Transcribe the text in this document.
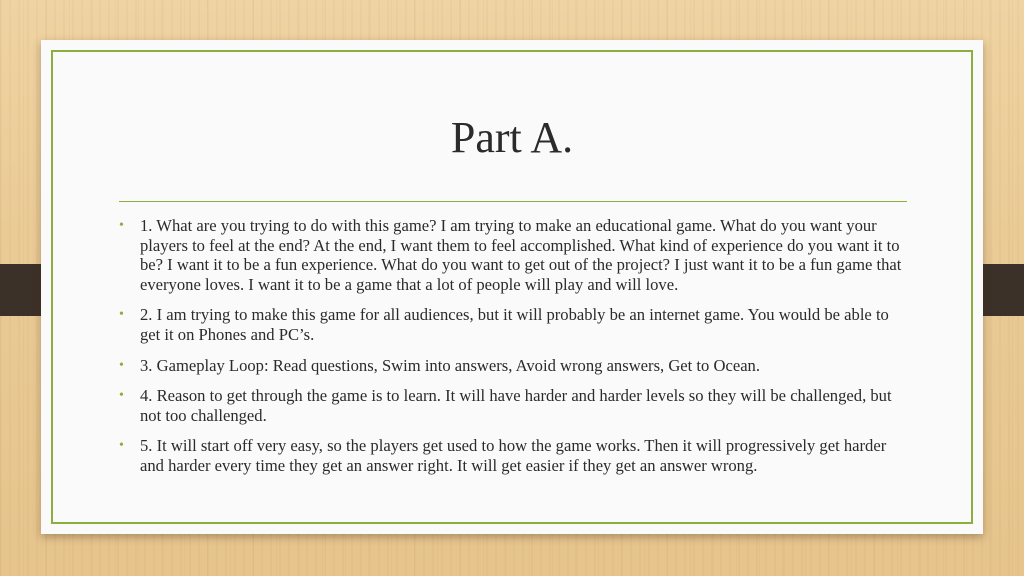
Part A.
• 1. What are you trying to do with this game? I am trying to make an educational game. What do you want your players to feel at the end? At the end, I want them to feel accomplished. What kind of experience do you want it to be? I want it to be a fun experience. What do you want to get out of the project? I just want it to be a fun game that everyone loves. I want it to be a game that a lot of people will play and will love.
• 2. I am trying to make this game for all audiences, but it will probably be an internet game. You would be able to get it on Phones and PC’s.
• 3. Gameplay Loop: Read questions, Swim into answers, Avoid wrong answers, Get to Ocean.
• 4. Reason to get through the game is to learn. It will have harder and harder levels so they will be challenged, but not too challenged.
• 5. It will start off very easy, so the players get used to how the game works. Then it will progressively get harder and harder every time they get an answer right. It will get easier if they get an answer wrong.
